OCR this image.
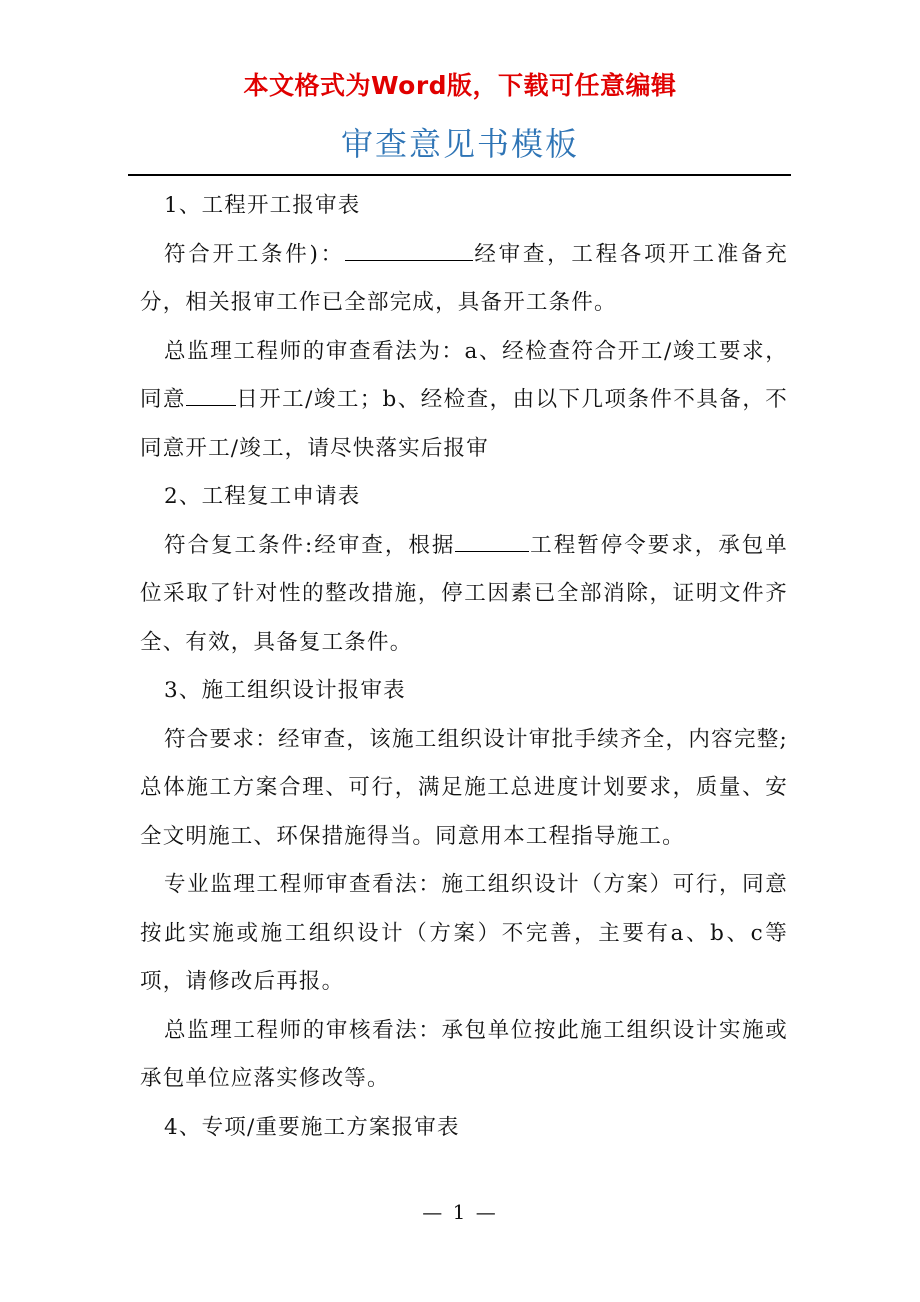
本文格式为Word版，下载可任意编辑
审查意见书模板

1、工程开工报审表

符合开工条件)：	经审查，工程各项开工准备充分，相关报审工作已全部完成，具备开工条件。

总监理工程师的审查看法为：a、经检查符合开工/竣工要求，同意 日开工/竣工；b、经检查，由以下几项条件不具备，不同意开工/竣工，请尽快落实后报审

2、工程复工申请表

符合复工条件:经审查，根据	工程暂停令要求，承包单位采取了针对性的整改措施，停工因素已全部消除，证明文件齐全、有效，具备复工条件。

3、施工组织设计报审表

符合要求：经审查，该施工组织设计审批手续齐全，内容完整;总体施工方案合理、可行，满足施工总进度计划要求，质量、安全文明施工、环保措施得当。同意用本工程指导施工。

专业监理工程师审查看法：施工组织设计（方案）可行，同意按此实施或施工组织设计（方案）不完善，主要有a、b、c等项，请修改后再报。

总监理工程师的审核看法：承包单位按此施工组织设计实施或承包单位应落实修改等。

4、专项/重要施工方案报审表

— 1 —
